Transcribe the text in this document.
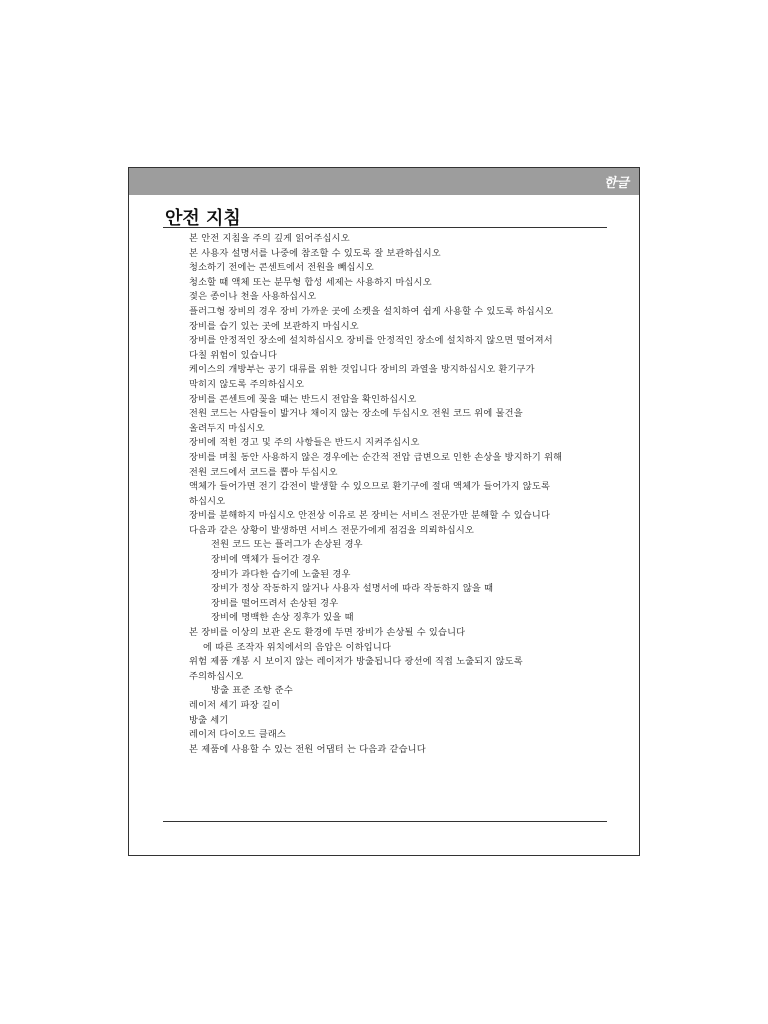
한글
안전 지침
본 안전 지침을 주의 깊게 읽어주십시오
본 사용자 설명서를 나중에 참조할 수 있도록 잘 보관하십시오
청소하기 전에는 콘센트에서 전원을 빼십시오
청소할 때 액체 또는 분무형 합성 세제는 사용하지 마십시오
젖은 종이나 천을 사용하십시오
플러그형 장비의 경우 장비 가까운 곳에 소켓을 설치하여 쉽게 사용할 수 있도록 하십시오
장비를 습기 있는 곳에 보관하지 마십시오
장비를 안정적인 장소에 설치하십시오 장비를 안정적인 장소에 설치하지 않으면 떨어져서
다칠 위험이 있습니다
케이스의 개방부는 공기 대류를 위한 것입니다 장비의 과열을 방지하십시오 환기구가
막히지 않도록 주의하십시오
장비를 콘센트에 꽂을 때는 반드시 전압을 확인하십시오
전원 코드는 사람들이 밟거나 채이지 않는 장소에 두십시오 전원 코드 위에 물건을
올려두지 마십시오
장비에 적힌 경고 및 주의 사항들은 반드시 지켜주십시오
장비를 며칠 동안 사용하지 않은 경우에는 순간적 전압 급변으로 인한 손상을 방지하기 위해
전원 코드에서 코드를 뽑아 두십시오
액체가 들어가면 전기 감전이 발생할 수 있으므로 환기구에 절대 액체가 들어가지 않도록
하십시오
장비를 분해하지 마십시오 안전상 이유로 본 장비는 서비스 전문가만 분해할 수 있습니다
다음과 같은 상황이 발생하면 서비스 전문가에게 점검을 의뢰하십시오
전원 코드 또는 플러그가 손상된 경우
장비에 액체가 들어간 경우
장비가 과다한 습기에 노출된 경우
장비가 정상 작동하지 않거나 사용자 설명서에 따라 작동하지 않을 때
장비를 떨어뜨려서 손상된 경우
장비에 명백한 손상 징후가 있을 때
본 장비를 이상의 보관 온도 환경에 두면 장비가 손상될 수 있습니다
에 따른 조작자 위치에서의 음압은 이하입니다
위험 제품 개봉 시 보이지 않는 레이저가 방출됩니다 광선에 직접 노출되지 않도록
주의하십시오
방출 표준 조항 준수
레이저 세기 파장 길이
방출 세기
레이저 다이오드 클래스
본 제품에 사용할 수 있는 전원 어댑터 는 다음과 같습니다
